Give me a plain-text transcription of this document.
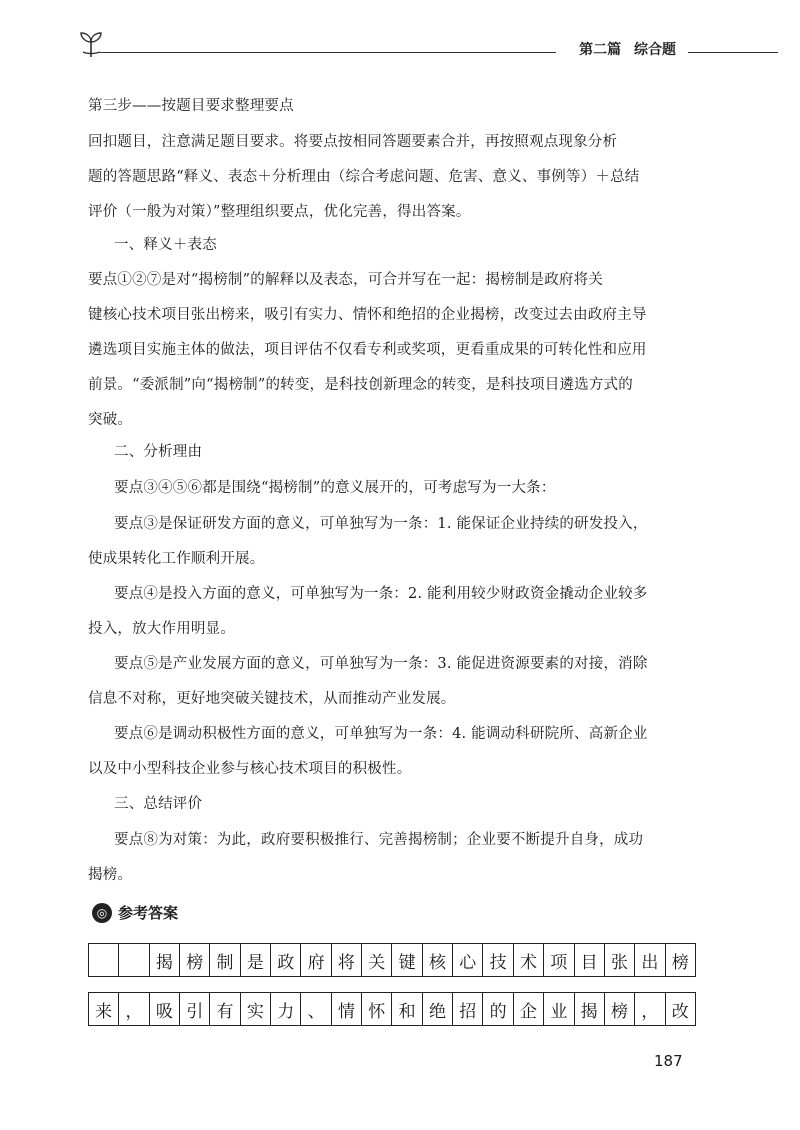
第二篇 综合题
第三步——按题目要求整理要点
回扣题目，注意满足题目要求。将要点按相同答题要素合并，再按照观点现象分析
题的答题思路“释义、表态＋分析理由（综合考虑问题、危害、意义、事例等）＋总结
评价（一般为对策）”整理组织要点，优化完善，得出答案。
一、释义＋表态
要点①②⑦是对“揭榜制”的解释以及表态，可合并写在一起：揭榜制是政府将关
键核心技术项目张出榜来，吸引有实力、情怀和绝招的企业揭榜，改变过去由政府主导
遴选项目实施主体的做法，项目评估不仅看专利或奖项，更看重成果的可转化性和应用
前景。“委派制”向“揭榜制”的转变，是科技创新理念的转变，是科技项目遴选方式的
突破。
二、分析理由
要点③④⑤⑥都是围绕“揭榜制”的意义展开的，可考虑写为一大条：
要点③是保证研发方面的意义，可单独写为一条：1. 能保证企业持续的研发投入，
使成果转化工作顺利开展。
要点④是投入方面的意义，可单独写为一条：2. 能利用较少财政资金撬动企业较多
投入，放大作用明显。
要点⑤是产业发展方面的意义，可单独写为一条：3. 能促进资源要素的对接，消除
信息不对称，更好地突破关键技术，从而推动产业发展。
要点⑥是调动积极性方面的意义，可单独写为一条：4. 能调动科研院所、高新企业
以及中小型科技企业参与核心技术项目的积极性。
三、总结评价
要点⑧为对策：为此，政府要积极推行、完善揭榜制；企业要不断提升自身，成功
揭榜。
◎ 参考答案
揭 榜 制 是 政 府 将 关 键 核 心 技 术 项 目 张 出 榜
来 ， 吸 引 有 实 力 、 情 怀 和 绝 招 的 企 业 揭 榜 ， 改
187
